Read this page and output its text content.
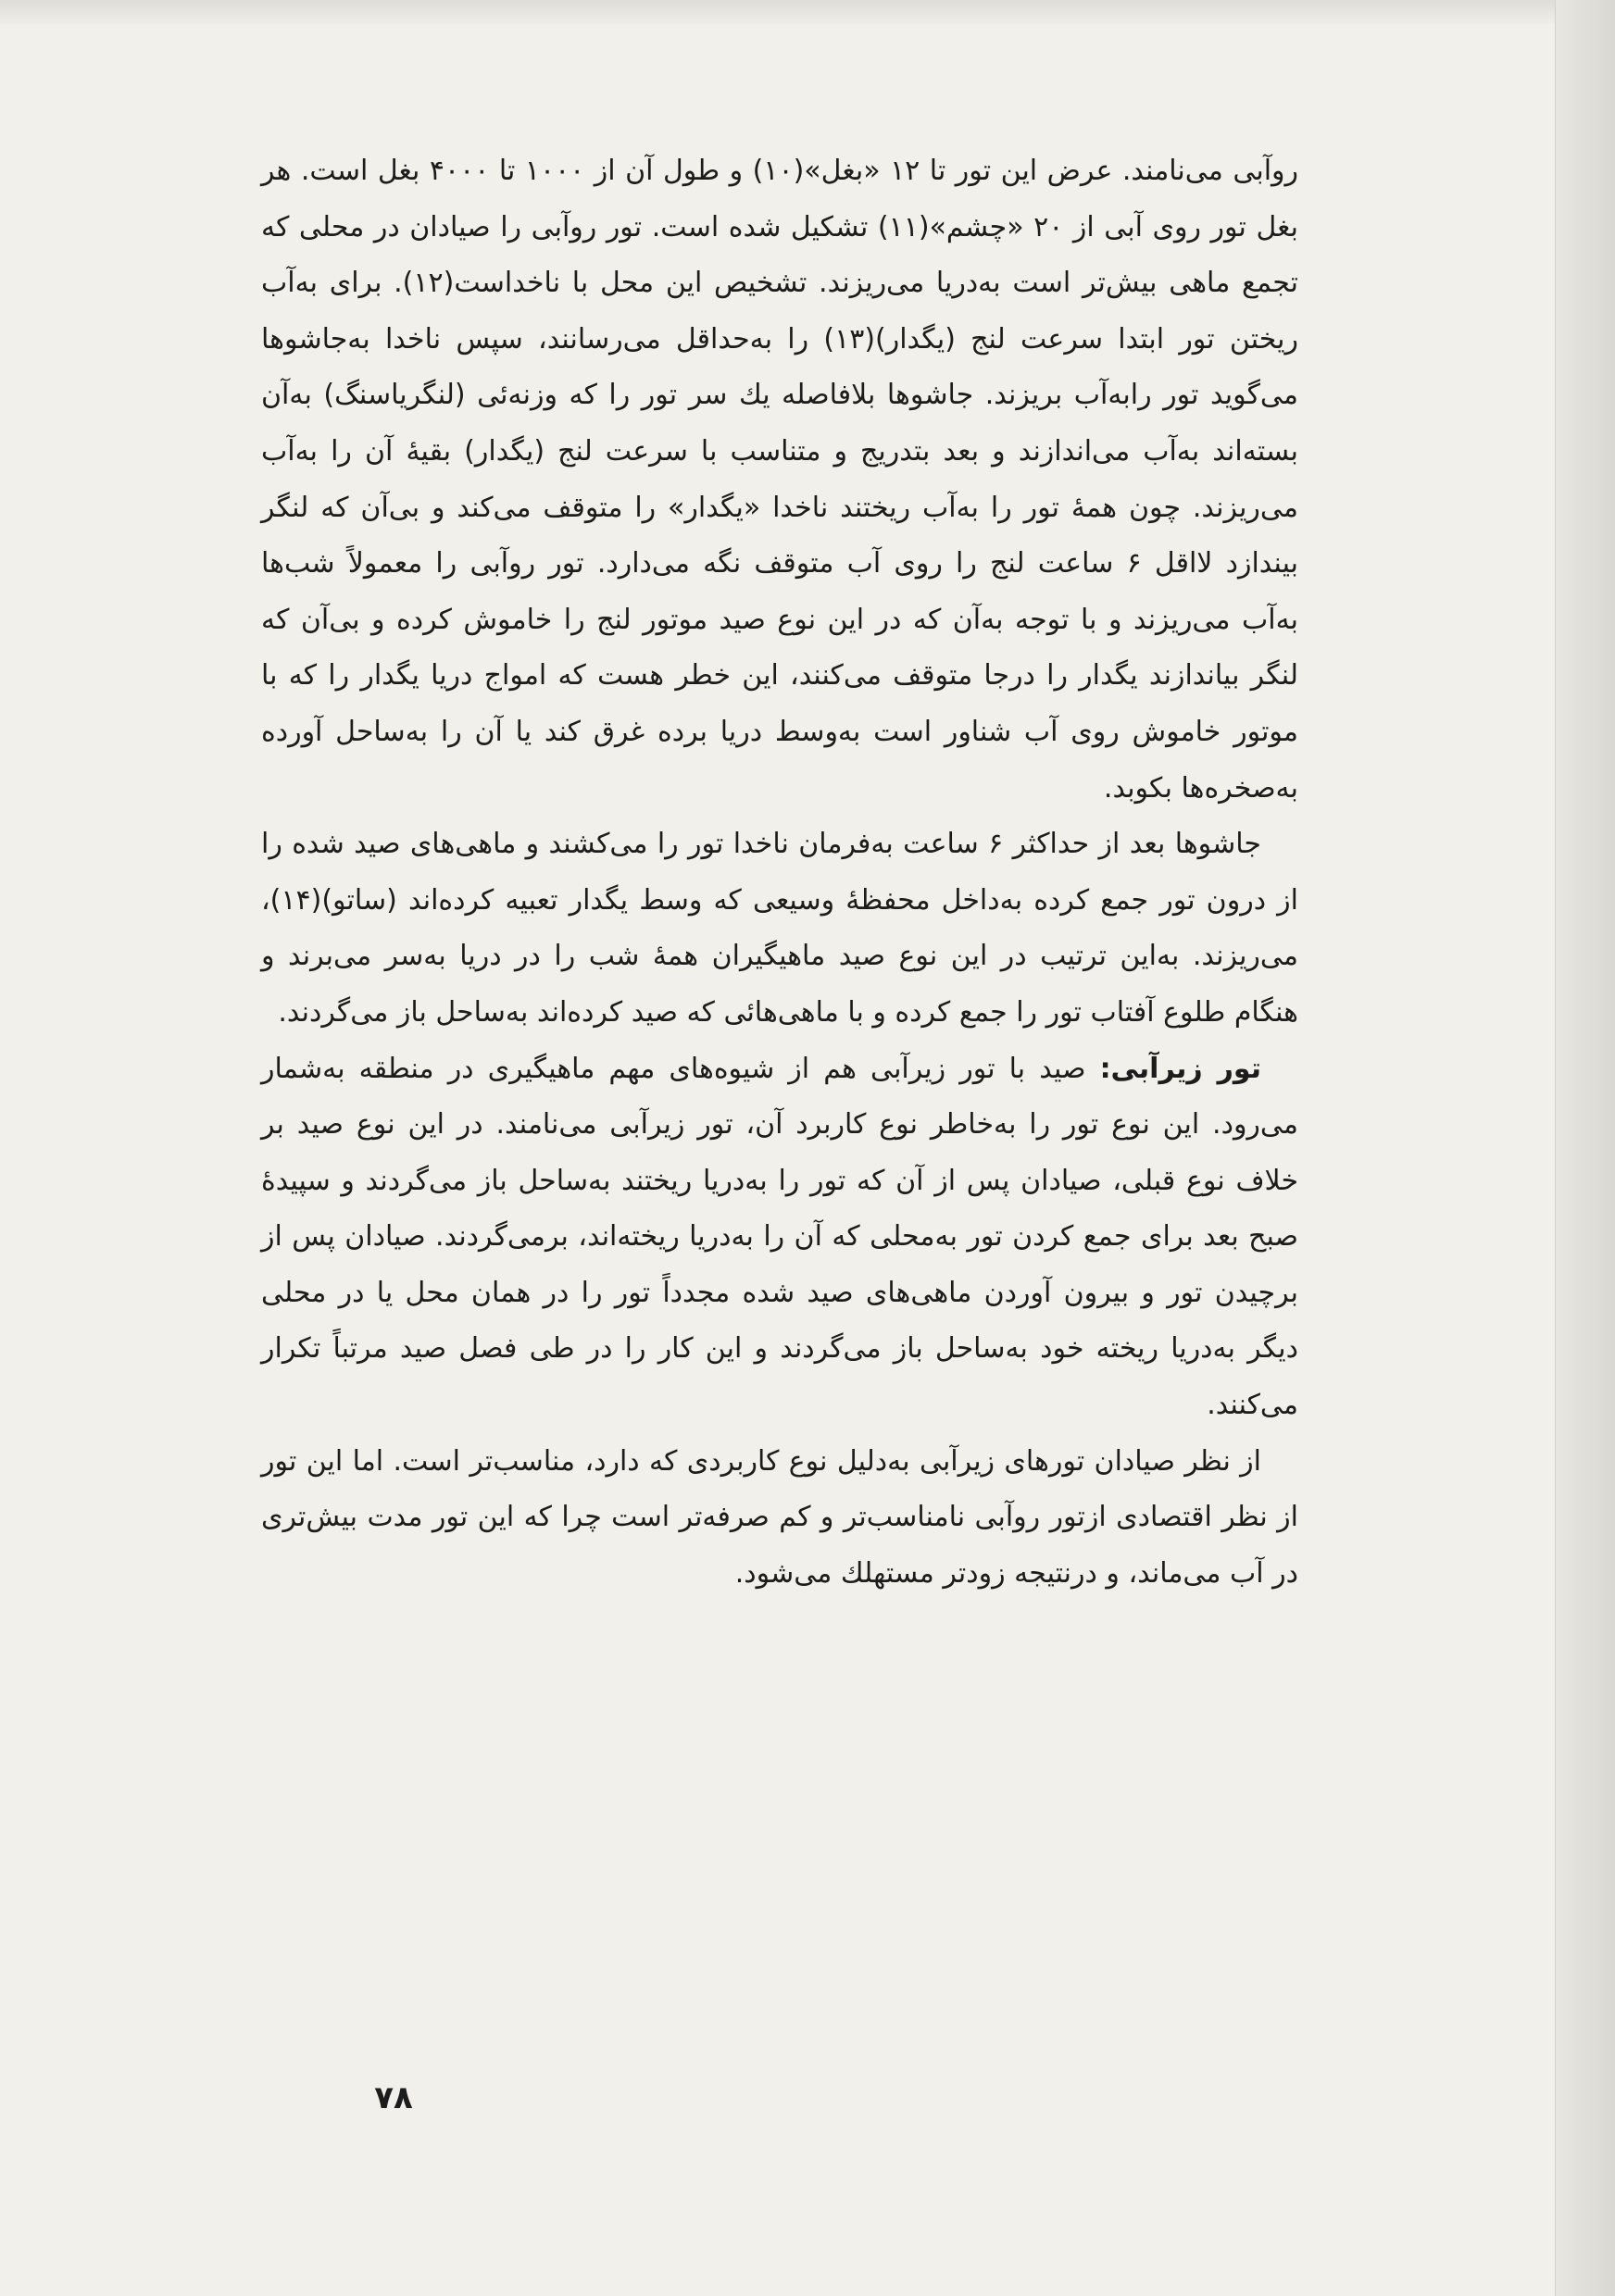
روآبی می‌نامند. عرض این تور تا ۱۲ «بغل»(۱۰) و طول آن از ۱۰۰۰ تا ۴۰۰۰ بغل است. هر بغل تور روی آبی از ۲۰ «چشم»(۱۱) تشکیل شده است. تور روآبی را صیادان در محلی که تجمع ماهی بیش‌تر است به‌دریا می‌ریزند. تشخیص این محل با ناخداست(۱۲). برای به‌آب ریختن تور ابتدا سرعت لنج (یگدار)(۱۳) را به‌حداقل می‌رسانند، سپس ناخدا به‌جاشوها می‌گوید تور رابه‌آب بریزند. جاشوها بلافاصله یك سر تور را كه وزنه‌ئی (لنگرياسنگ) به‌آن بسته‌اند به‌آب می‌اندازند و بعد بتدریج و متناسب با سرعت لنج (یگدار) بقیهٔ آن را به‌آب می‌ریزند. چون همهٔ تور را به‌آب ریختند ناخدا «یگدار» را متوقف می‌کند و بی‌آن که لنگر بیندازد لااقل ۶ ساعت لنج را روی آب متوقف نگه می‌دارد. تور روآبی را معمولاً شب‌ها به‌آب می‌ریزند و با توجه به‌آن که در این نوع صید موتور لنج را خاموش کرده و بی‌آن که لنگر بیاندازند یگدار را درجا متوقف می‌کنند، این خطر هست که امواج دریا یگدار را که با موتور خاموش روی آب شناور است به‌وسط دریا برده غرق کند یا آن را به‌ساحل آورده به‌صخره‌ها بکوبد.

جاشوها بعد از حداکثر ۶ ساعت به‌فرمان ناخدا تور را می‌کشند و ماهی‌های صید شده را از درون تور جمع کرده به‌داخل محفظهٔ وسیعی که وسط یگدار تعبیه کرده‌اند (ساتو)(۱۴)، می‌ریزند. به‌این ترتیب در این نوع صید ماهیگیران همهٔ شب را در دریا به‌سر می‌برند و هنگام طلوع آفتاب تور را جمع کرده و با ماهی‌هائی که صید کرده‌اند به‌ساحل باز می‌گردند.

تور زیرآبی: صید با تور زیرآبی هم از شیوه‌های مهم ماهیگیری در منطقه به‌شمار می‌رود. این نوع تور را به‌خاطر نوع کاربرد آن، تور زیرآبی می‌نامند. در این نوع صید بر خلاف نوع قبلی، صیادان پس از آن که تور را به‌دریا ریختند به‌ساحل باز می‌گردند و سپیدهٔ صبح بعد برای جمع کردن تور به‌محلی که آن را به‌دریا ریخته‌اند، برمی‌گردند. صیادان پس از برچیدن تور و بیرون آوردن ماهی‌های صید شده مجدداً تور را در همان محل یا در محلی دیگر به‌دریا ریخته خود به‌ساحل باز می‌گردند و این کار را در طی فصل صید مرتباً تکرار می‌کنند.

از نظر صیادان تورهای زیرآبی به‌دلیل نوع کاربردی که دارد، مناسب‌تر است. اما این تور از نظر اقتصادی ازتور روآبی نامناسب‌تر و کم صرفه‌تر است چرا که این تور مدت بیش‌تری در آب می‌ماند، و درنتیجه زودتر مستهلك می‌شود.

۷۸
